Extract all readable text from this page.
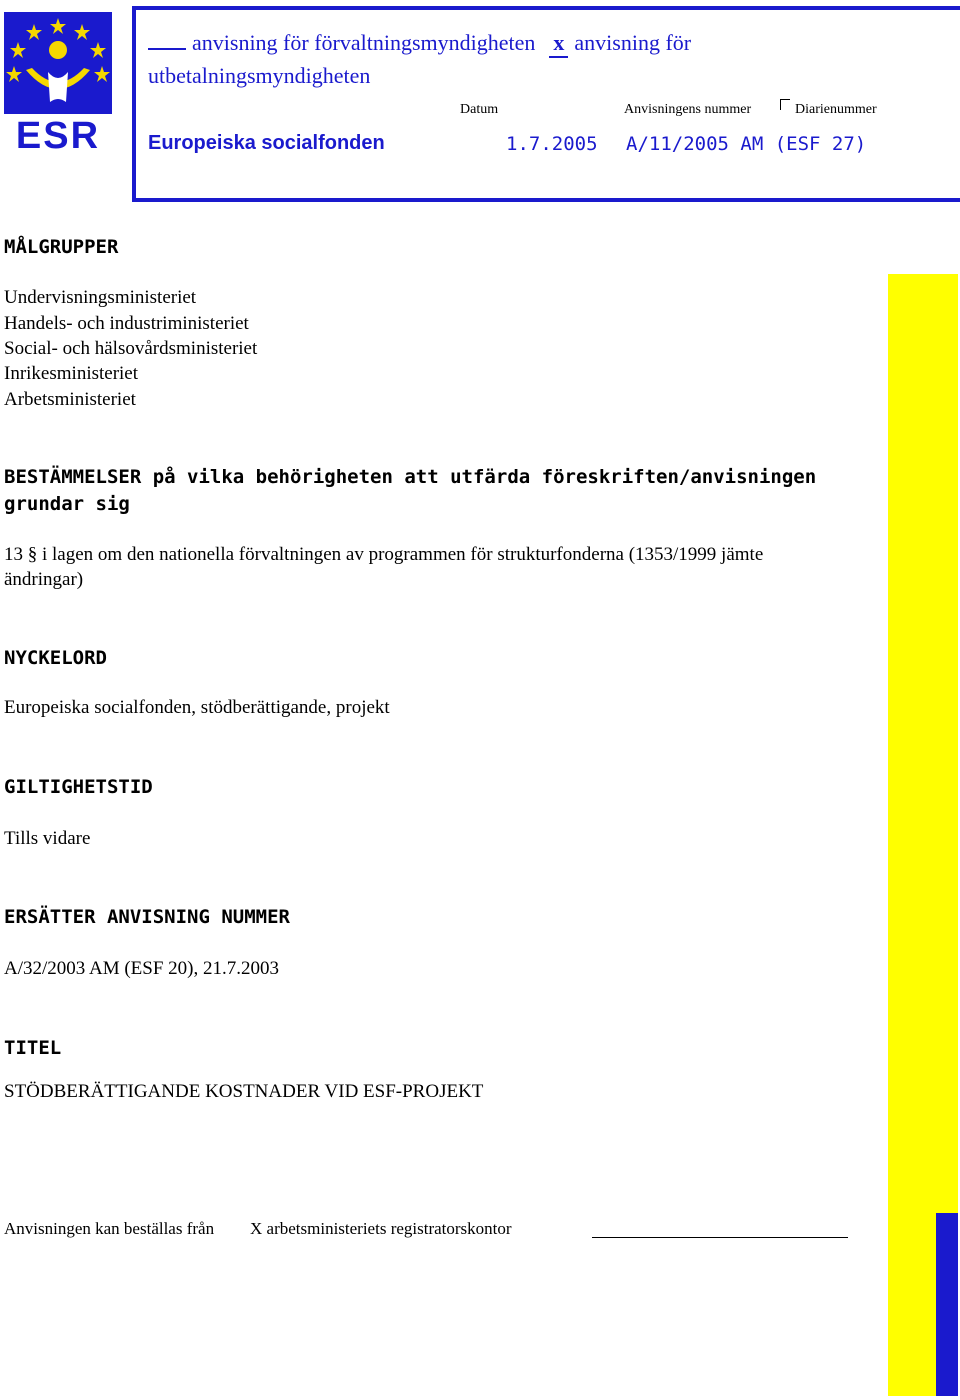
ESR
anvisning för förvaltningsmyndigheten x anvisning för
utbetalningsmyndigheten
Datum	Anvisningens nummer	Diarienummer
Europeiska socialfonden	1.7.2005 A/11/2005 AM (ESF 27)
MÅLGRUPPER
Undervisningsministeriet
Handels- och industriministeriet
Social- och hälsovårdsministeriet
Inrikesministeriet
Arbetsministeriet
BESTÄMMELSER på vilka behörigheten att utfärda föreskriften/anvisningen
grundar sig
13 § i lagen om den nationella förvaltningen av programmen för strukturfonderna (1353/1999 jämte
ändringar)
NYCKELORD
Europeiska socialfonden, stödberättigande, projekt
GILTIGHETSTID
Tills vidare
ERSÄTTER ANVISNING NUMMER
A/32/2003 AM (ESF 20), 21.7.2003
TITEL
STÖDBERÄTTIGANDE KOSTNADER VID ESF-PROJEKT
Anvisningen kan beställas från X arbetsministeriets registratorskontor
